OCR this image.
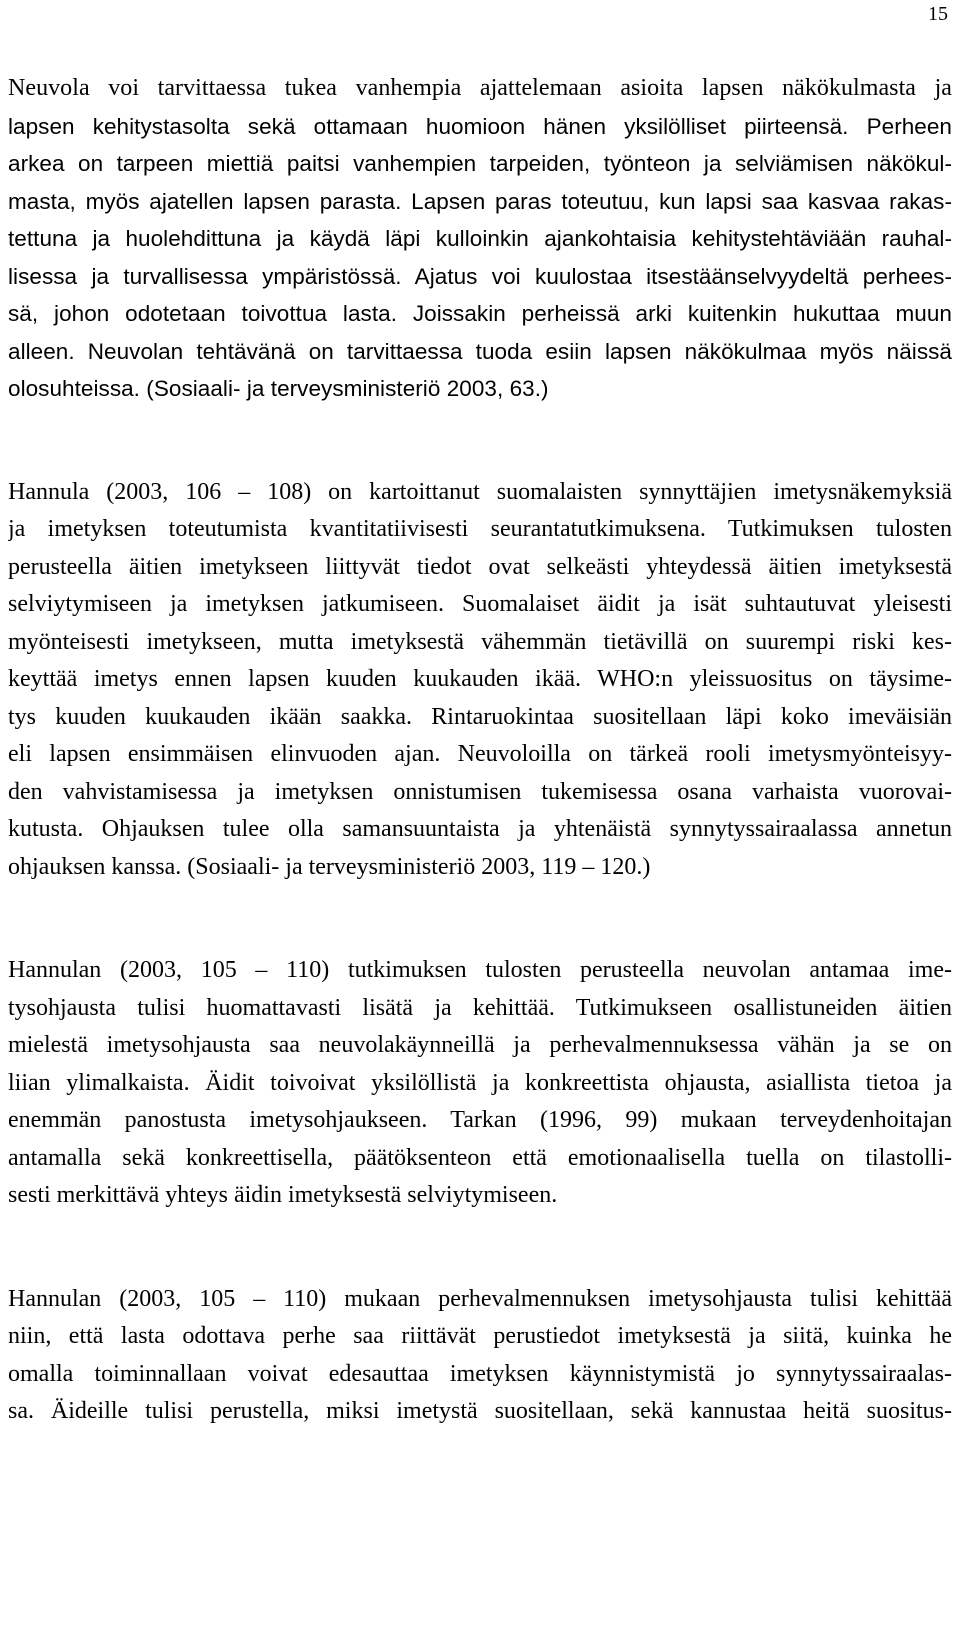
15

Neuvola voi tarvittaessa tukea vanhempia ajattelemaan asioita lapsen näkökulmasta ja
lapsen kehitystasolta sekä ottamaan huomioon hänen yksilölliset piirteensä. Perheen
arkea on tarpeen miettiä paitsi vanhempien tarpeiden, työnteon ja selviämisen näkökul-
masta, myös ajatellen lapsen parasta. Lapsen paras toteutuu, kun lapsi saa kasvaa rakas-
tettuna ja huolehdittuna ja käydä läpi kulloinkin ajankohtaisia kehitystehtäviään rauhal-
lisessa ja turvallisessa ympäristössä. Ajatus voi kuulostaa itsestäänselvyydeltä perhees-
sä, johon odotetaan toivottua lasta. Joissakin perheissä arki kuitenkin hukuttaa muun
alleen. Neuvolan tehtävänä on tarvittaessa tuoda esiin lapsen näkökulmaa myös näissä
olosuhteissa. (Sosiaali- ja terveysministeriö 2003, 63.)

Hannula (2003, 106 – 108) on kartoittanut suomalaisten synnyttäjien imetysnäkemyksiä
ja imetyksen toteutumista kvantitatiivisesti seurantatutkimuksena. Tutkimuksen tulosten
perusteella äitien imetykseen liittyvät tiedot ovat selkeästi yhteydessä äitien imetyksestä
selviytymiseen ja imetyksen jatkumiseen. Suomalaiset äidit ja isät suhtautuvat yleisesti
myönteisesti imetykseen, mutta imetyksestä vähemmän tietävillä on suurempi riski kes-
keyttää imetys ennen lapsen kuuden kuukauden ikää. WHO:n yleissuositus on täysime-
tys kuuden kuukauden ikään saakka. Rintaruokintaa suositellaan läpi koko imeväisiän
eli lapsen ensimmäisen elinvuoden ajan. Neuvoloilla on tärkeä rooli imetysmyönteisyy-
den vahvistamisessa ja imetyksen onnistumisen tukemisessa osana varhaista vuorovai-
kutusta. Ohjauksen tulee olla samansuuntaista ja yhtenäistä synnytyssairaalassa annetun
ohjauksen kanssa. (Sosiaali- ja terveysministeriö 2003, 119 – 120.)

Hannulan (2003, 105 – 110) tutkimuksen tulosten perusteella neuvolan antamaa ime-
tysohjausta tulisi huomattavasti lisätä ja kehittää. Tutkimukseen osallistuneiden äitien
mielestä imetysohjausta saa neuvolakäynneillä ja perhevalmennuksessa vähän ja se on
liian ylimalkaista. Äidit toivoivat yksilöllistä ja konkreettista ohjausta, asiallista tietoa ja
enemmän panostusta imetysohjaukseen. Tarkan (1996, 99) mukaan terveydenhoitajan
antamalla sekä konkreettisella, päätöksenteon että emotionaalisella tuella on tilastolli-
sesti merkittävä yhteys äidin imetyksestä selviytymiseen.

Hannulan (2003, 105 – 110) mukaan perhevalmennuksen imetysohjausta tulisi kehittää
niin, että lasta odottava perhe saa riittävät perustiedot imetyksestä ja siitä, kuinka he
omalla toiminnallaan voivat edesauttaa imetyksen käynnistymistä jo synnytyssairaalas-
sa. Äideille tulisi perustella, miksi imetystä suositellaan, sekä kannustaa heitä suositus-
